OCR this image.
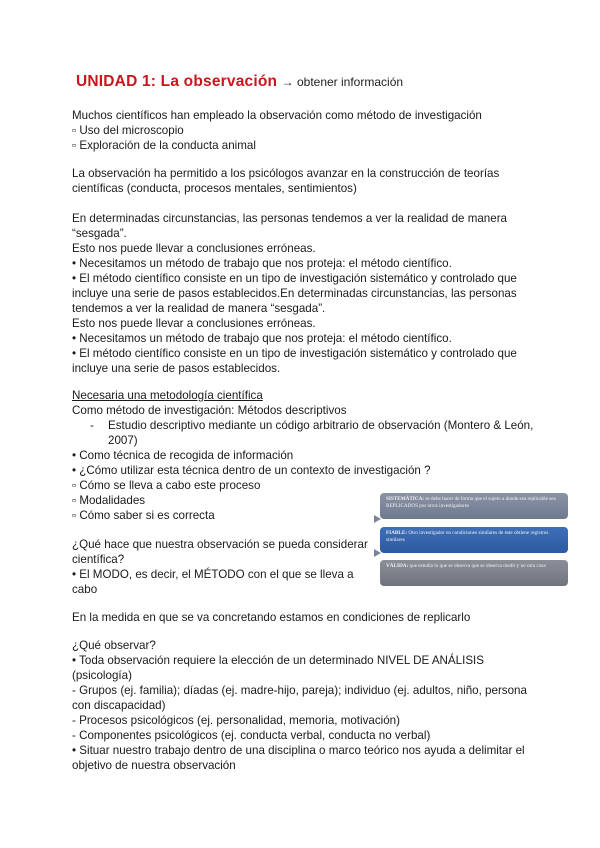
UNIDAD 1: La observación → obtener información
Muchos científicos han empleado la observación como método de investigación
▫ Uso del microscopio
▫ Exploración de la conducta animal
La observación ha permitido a los psicólogos avanzar en la construcción de teorías
científicas (conducta, procesos mentales, sentimientos)
En determinadas circunstancias, las personas tendemos a ver la realidad de manera
“sesgada”.
Esto nos puede llevar a conclusiones erróneas.
• Necesitamos un método de trabajo que nos proteja: el método científico.
• El método científico consiste en un tipo de investigación sistemático y controlado que
incluye una serie de pasos establecidos.En determinadas circunstancias, las personas
tendemos a ver la realidad de manera “sesgada”.
Esto nos puede llevar a conclusiones erróneas.
• Necesitamos un método de trabajo que nos proteja: el método científico.
• El método científico consiste en un tipo de investigación sistemático y controlado que
incluye una serie de pasos establecidos.
Necesaria una metodología científica
Como método de investigación: Métodos descriptivos
- Estudio descriptivo mediante un código arbitrario de observación (Montero & León,
2007)
• Como técnica de recogida de información
• ¿Cómo utilizar esta técnica dentro de un contexto de investigación ?
▫ Cómo se lleva a cabo este proceso
▫ Modalidades
▫ Cómo saber si es correcta
¿Qué hace que nuestra observación se pueda considerar
científica?
• El MODO, es decir, el MÉTODO con el que se lleva a
cabo
En la medida en que se va concretando estamos en condiciones de replicarlo
¿Qué observar?
• Toda observación requiere la elección de un determinado NIVEL DE ANÁLISIS
(psicología)
- Grupos (ej. familia); díadas (ej. madre-hijo, pareja); individuo (ej. adultos, niño, persona
con discapacidad)
- Procesos psicológicos (ej. personalidad, memoria, motivación)
- Componentes psicológicos (ej. conducta verbal, conducta no verbal)
• Situar nuestro trabajo dentro de una disciplina o marco teórico nos ayuda a delimitar el
objetivo de nuestra observación
SISTEMÁTICA: se debe hacer de forma que el sujeto a donde sea replicable sea REPLICADOS por otros investigadores
FIABLE: Otro investigador en condiciones similares de este obtiene registros similares
VÁLIDA: que estudia lo que se observa que se observa medir y no otra cosa
